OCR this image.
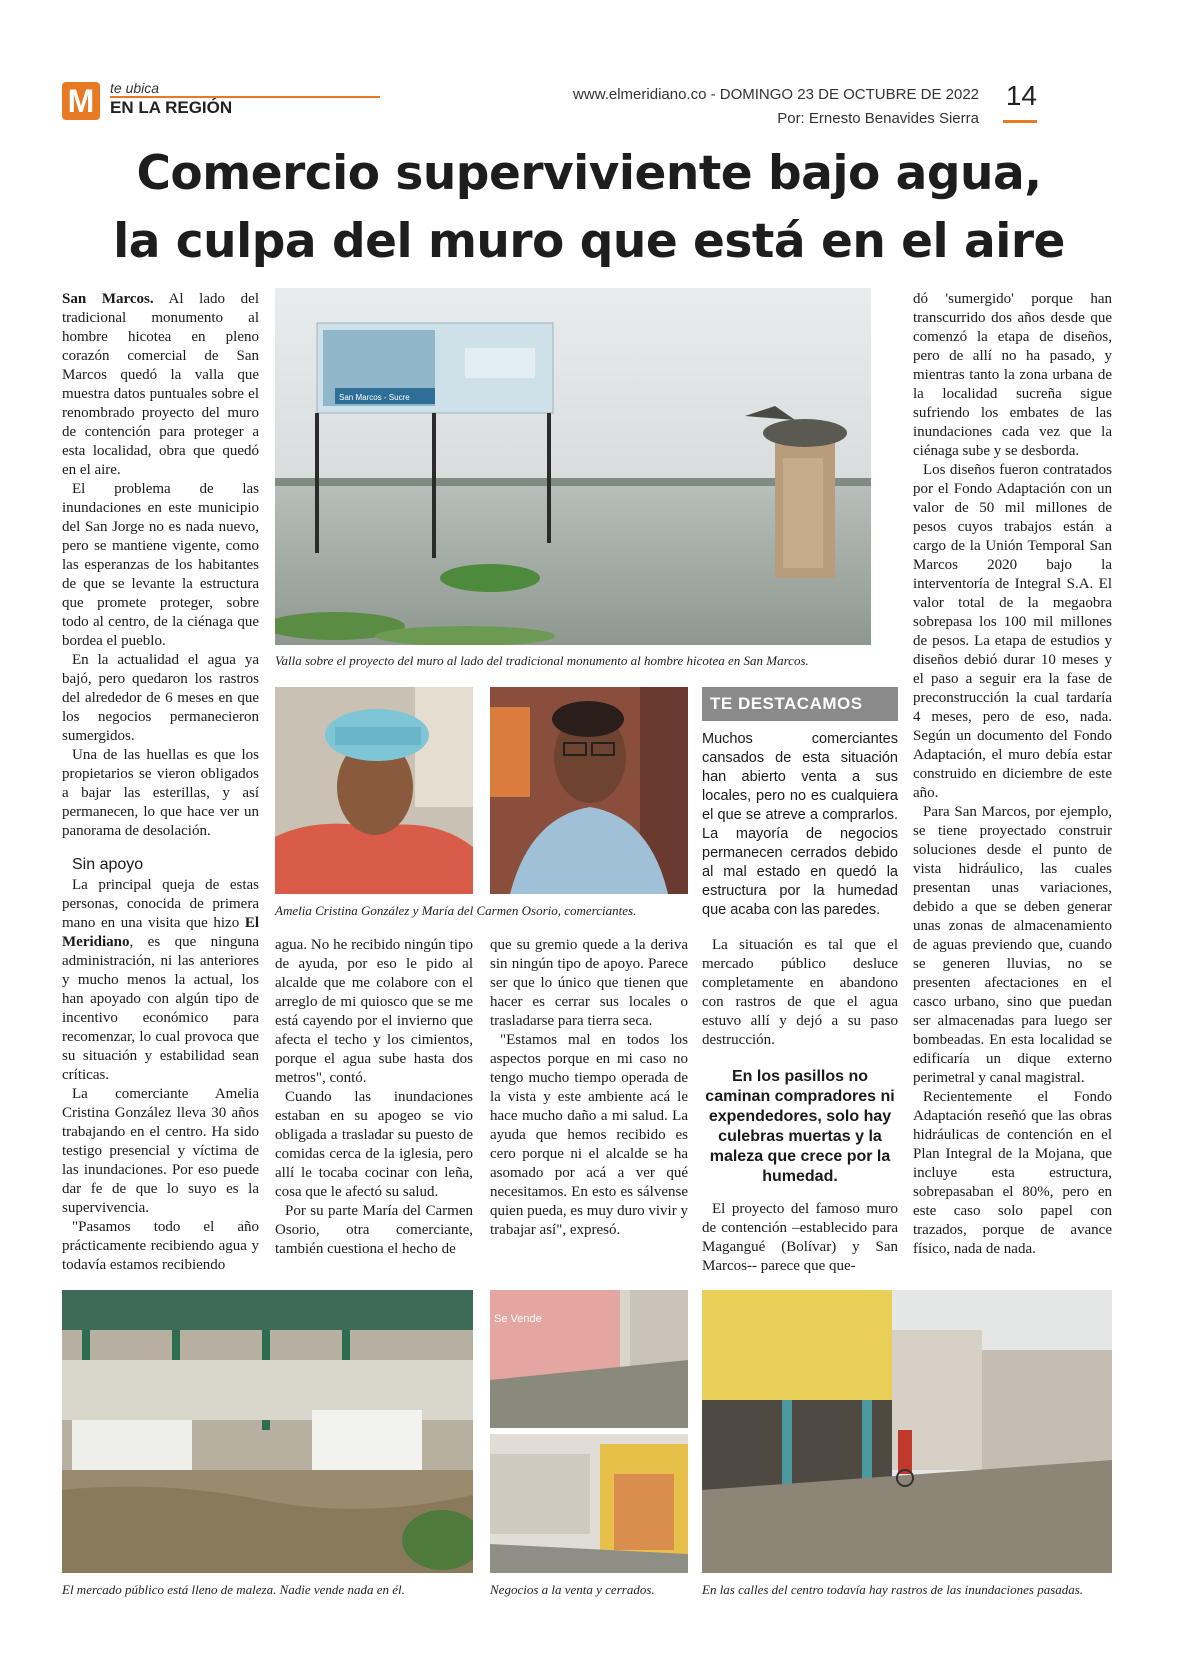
M	te ubica
EN LA REGIÓN
www.elmeridiano.co - DOMINGO 23 DE OCTUBRE DE 2022
Por: Ernesto Benavides Sierra
14
Comercio superviviente bajo agua,
la culpa del muro que está en el aire

San Marcos. Al lado del tradicional monumento al hombre hicotea en pleno corazón comercial de San Marcos quedó la valla que muestra datos puntuales sobre el renombrado proyecto del muro de contención para proteger a esta localidad, obra que quedó en el aire.

El problema de las inundaciones en este municipio del San Jorge no es nada nuevo, pero se mantiene vigente, como las esperanzas de los habitantes de que se levante la estructura que promete proteger, sobre todo al centro, de la ciénaga que bordea el pueblo.

En la actualidad el agua ya bajó, pero quedaron los rastros del alrededor de 6 meses en que los negocios permanecieron sumergidos.

Una de las huellas es que los propietarios se vieron obligados a bajar las esterillas, y así permanecen, lo que hace ver un panorama de desolación.

Sin apoyo

La principal queja de estas personas, conocida de primera mano en una visita que hizo El Meridiano, es que ninguna administración, ni las anteriores y mucho menos la actual, los han apoyado con algún tipo de incentivo económico para recomenzar, lo cual provoca que su situación y estabilidad sean críticas.

La comerciante Amelia Cristina González lleva 30 años trabajando en el centro. Ha sido testigo presencial y víctima de las inundaciones. Por eso puede dar fe de que lo suyo es la supervivencia.

"Pasamos todo el año prácticamente recibiendo agua y todavía estamos recibiendo

San Marcos - Sucre
Valla sobre el proyecto del muro al lado del tradicional monumento al hombre hicotea en San Marcos.
Amelia Cristina González y María del Carmen Osorio, comerciantes.
TE DESTACAMOS
Muchos comerciantes cansados de esta situación han abierto venta a sus locales, pero no es cualquiera el que se atreve a comprarlos. La mayoría de negocios permanecen cerrados debido al mal estado en quedó la estructura por la humedad que acaba con las paredes.

agua. No he recibido ningún tipo de ayuda, por eso le pido al alcalde que me colabore con el arreglo de mi quiosco que se me está cayendo por el invierno que afecta el techo y los cimientos, porque el agua sube hasta dos metros", contó.

Cuando las inundaciones estaban en su apogeo se vio obligada a trasladar su puesto de comidas cerca de la iglesia, pero allí le tocaba cocinar con leña, cosa que le afectó su salud.

Por su parte María del Carmen Osorio, otra comerciante, también cuestiona el hecho de

que su gremio quede a la deriva sin ningún tipo de apoyo. Parece ser que lo único que tienen que hacer es cerrar sus locales o trasladarse para tierra seca.

"Estamos mal en todos los aspectos porque en mi caso no tengo mucho tiempo operada de la vista y este ambiente acá le hace mucho daño a mi salud. La ayuda que hemos recibido es cero porque ni el alcalde se ha asomado por acá a ver qué necesitamos. En esto es sálvense quien pueda, es muy duro vivir y trabajar así", expresó.

La situación es tal que el mercado público desluce completamente en abandono con rastros de que el agua estuvo allí y dejó a su paso destrucción.

En los pasillos no caminan compradores ni expendedores, solo hay culebras muertas y la maleza que crece por la humedad.

El proyecto del famoso muro de contención –establecido para Magangué (Bolívar) y San Marcos-- parece que que-

dó 'sumergido' porque han transcurrido dos años desde que comenzó la etapa de diseños, pero de allí no ha pasado, y mientras tanto la zona urbana de la localidad sucreña sigue sufriendo los embates de las inundaciones cada vez que la ciénaga sube y se desborda.

Los diseños fueron contratados por el Fondo Adaptación con un valor de 50 mil millones de pesos cuyos trabajos están a cargo de la Unión Temporal San Marcos 2020 bajo la interventoría de Integral S.A. El valor total de la megaobra sobrepasa los 100 mil millones de pesos. La etapa de estudios y diseños debió durar 10 meses y el paso a seguir era la fase de preconstrucción la cual tardaría 4 meses, pero de eso, nada. Según un documento del Fondo Adaptación, el muro debía estar construido en diciembre de este año.

Para San Marcos, por ejemplo, se tiene proyectado construir soluciones desde el punto de vista hidráulico, las cuales presentan unas variaciones, debido a que se deben generar unas zonas de almacenamiento de aguas previendo que, cuando se generen lluvias, no se presenten afectaciones en el casco urbano, sino que puedan ser almacenadas para luego ser bombeadas. En esta localidad se edificaría un dique externo perimetral y canal magistral.

Recientemente el Fondo Adaptación reseñó que las obras hidráulicas de contención en el Plan Integral de la Mojana, que incluye esta estructura, sobrepasaban el 80%, pero en este caso solo papel con trazados, porque de avance físico, nada de nada.

El mercado público está lleno de maleza. Nadie vende nada en él.
Se Vende
Negocios a la venta y cerrados.	En las calles del centro todavía hay rastros de las inundaciones pasadas.
